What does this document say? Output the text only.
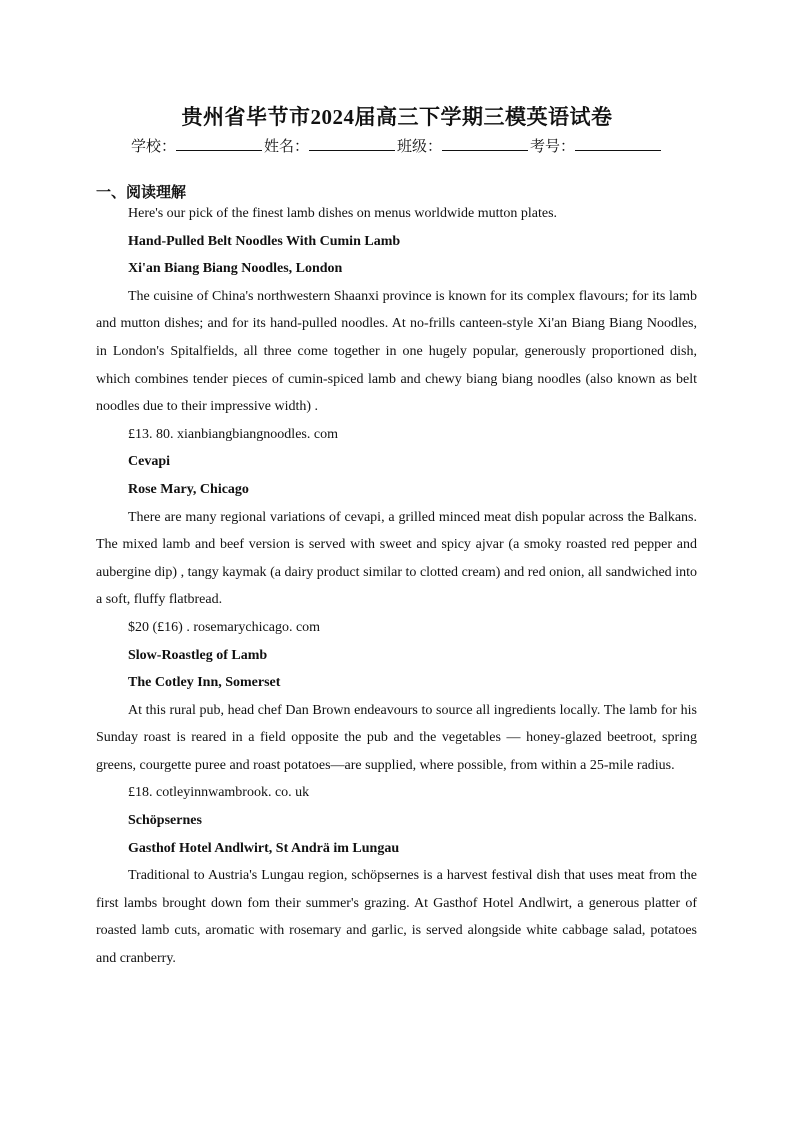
贵州省毕节市2024届高三下学期三模英语试卷
学校：	姓名：	班级：	考号：
一、阅读理解

Here's our pick of the finest lamb dishes on menus worldwide mutton plates.

Hand-Pulled Belt Noodles With Cumin Lamb

Xi'an Biang Biang Noodles, London

The cuisine of China's northwestern Shaanxi province is known for its complex flavours; for its lamb and mutton dishes; and for its hand-pulled noodles. At no-frills canteen-style Xi'an Biang Biang Noodles, in London's Spitalfields, all three come together in one hugely popular, generously proportioned dish, which combines tender pieces of cumin-spiced lamb and chewy biang biang noodles (also known as belt noodles due to their impressive width) .

£13. 80. xianbiangbiangnoodles. com

Cevapi

Rose Mary, Chicago

There are many regional variations of cevapi, a grilled minced meat dish popular across the Balkans. The mixed lamb and beef version is served with sweet and spicy ajvar (a smoky roasted red pepper and aubergine dip) , tangy kaymak (a dairy product similar to clotted cream) and red onion, all sandwiched into a soft, fluffy flatbread.

$20 (£16) . rosemarychicago. com

Slow-Roastleg of Lamb

The Cotley Inn, Somerset

At this rural pub, head chef Dan Brown endeavours to source all ingredients locally. The lamb for his Sunday roast is reared in a field opposite the pub and the vegetables — honey-glazed beetroot, spring greens, courgette puree and roast potatoes—are supplied, where possible, from within a 25-mile radius.

£18. cotleyinnwambrook. co. uk

Schöpsernes

Gasthof Hotel Andlwirt, St Andrä im Lungau

Traditional to Austria's Lungau region, schöpsernes is a harvest festival dish that uses meat from the first lambs brought down fom their summer's grazing. At Gasthof Hotel Andlwirt, a generous platter of roasted lamb cuts, aromatic with rosemary and garlic, is served alongside white cabbage salad, potatoes and cranberry.
